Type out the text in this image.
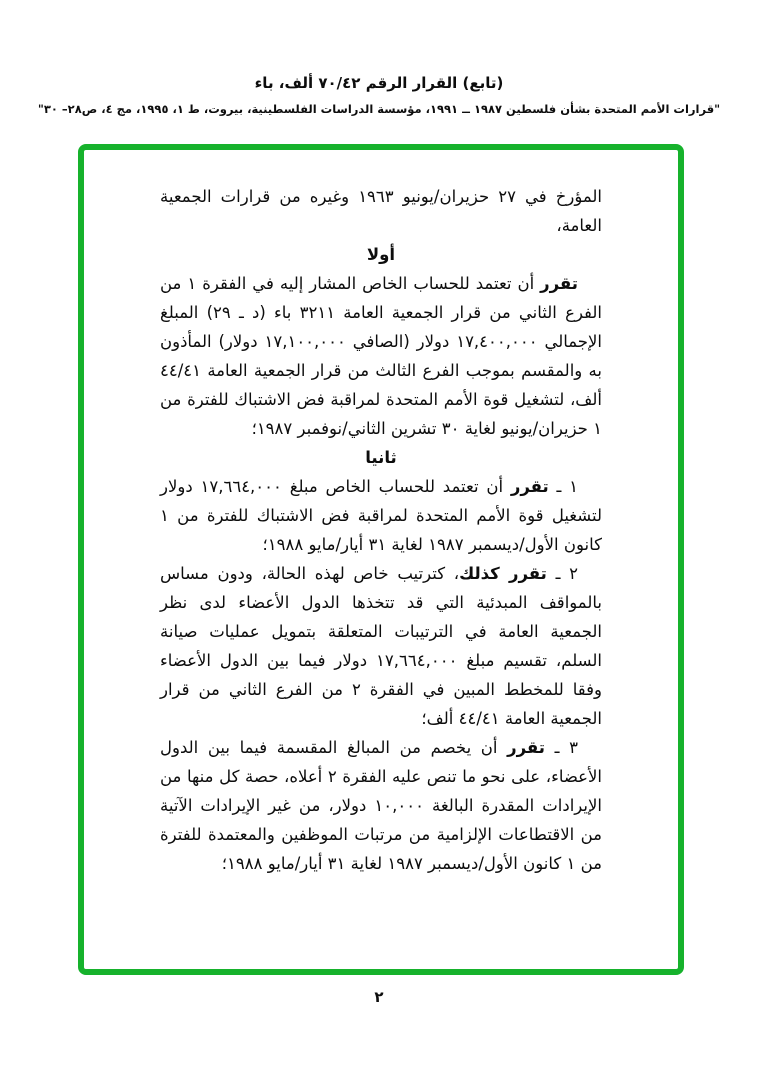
(تابع) القرار الرقم ٧٠/٤٢ ألف، باء
"قرارات الأمم المتحدة بشأن فلسطين ١٩٨٧ ــ ١٩٩١، مؤسسة الدراسات الفلسطينية، بيروت، ط ١، ١٩٩٥، مج ٤، ص٢٨– ٣٠"

المؤرخ في ٢٧ حزيران/يونيو ١٩٦٣ وغيره من قرارات الجمعية العامة،

أولا

تقرر أن تعتمد للحساب الخاص المشار إليه في الفقرة ١ من الفرع الثاني من قرار الجمعية العامة ٣٢١١ باء (د ـ ٢٩) المبلغ الإجمالي ١٧,٤٠٠,٠٠٠ دولار (الصافي ١٧,١٠٠,٠٠٠ دولار) المأذون به والمقسم بموجب الفرع الثالث من قرار الجمعية العامة ٤٤/٤١ ألف، لتشغيل قوة الأمم المتحدة لمراقبة فض الاشتباك للفترة من ١ حزيران/يونيو لغاية ٣٠ تشرين الثاني/نوفمبر ١٩٨٧؛

ثانيا

١ ـ تقرر أن تعتمد للحساب الخاص مبلغ ١٧,٦٦٤,٠٠٠ دولار لتشغيل قوة الأمم المتحدة لمراقبة فض الاشتباك للفترة من ١ كانون الأول/ديسمبر ١٩٨٧ لغاية ٣١ أيار/مايو ١٩٨٨؛

٢ ـ تقرر كذلك، كترتيب خاص لهذه الحالة، ودون مساس بالمواقف المبدئية التي قد تتخذها الدول الأعضاء لدى نظر الجمعية العامة في الترتيبات المتعلقة بتمويل عمليات صيانة السلم، تقسيم مبلغ ١٧,٦٦٤,٠٠٠ دولار فيما بين الدول الأعضاء وفقا للمخطط المبين في الفقرة ٢ من الفرع الثاني من قرار الجمعية العامة ٤٤/٤١ ألف؛

٣ ـ تقرر أن يخصم من المبالغ المقسمة فيما بين الدول الأعضاء، على نحو ما تنص عليه الفقرة ٢ أعلاه، حصة كل منها من الإيرادات المقدرة البالغة ١٠,٠٠٠ دولار، من غير الإيرادات الآتية من الاقتطاعات الإلزامية من مرتبات الموظفين والمعتمدة للفترة من ١ كانون الأول/ديسمبر ١٩٨٧ لغاية ٣١ أيار/مايو ١٩٨٨؛

٢
